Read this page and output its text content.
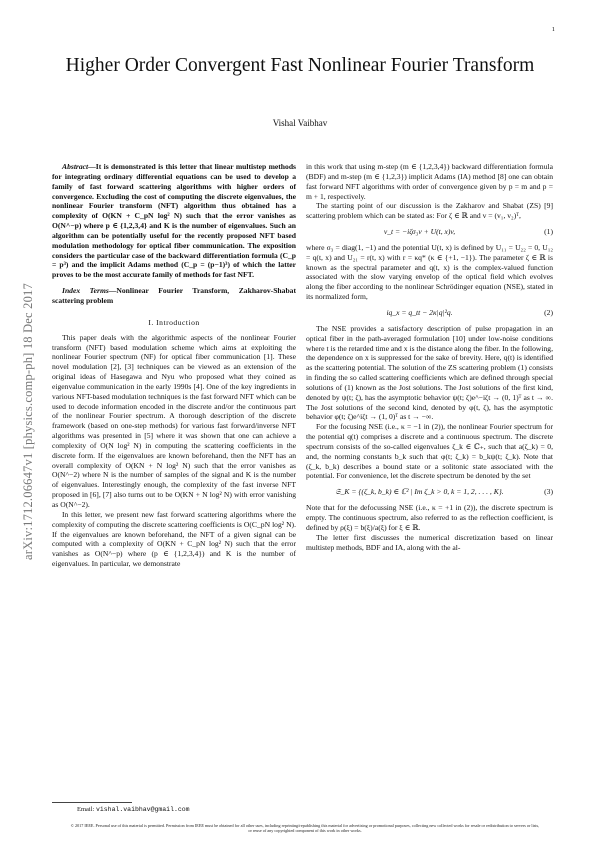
1
arXiv:1712.06647v1 [physics.comp-ph] 18 Dec 2017
Higher Order Convergent Fast Nonlinear Fourier Transform
Vishal Vaibhav

Abstract—It is demonstrated is this letter that linear multistep methods for integrating ordinary differential equations can be used to develop a family of fast forward scattering algorithms with higher orders of convergence. Excluding the cost of computing the discrete eigenvalues, the nonlinear Fourier transform (NFT) algorithm thus obtained has a complexity of O(KN + C_pN log² N) such that the error vanishes as O(N^−p) where p ∈ {1,2,3,4} and K is the number of eigenvalues. Such an algorithm can be potentially useful for the recently proposed NFT based modulation methodology for optical fiber communication. The exposition considers the particular case of the backward differentiation formula (C_p = p³) and the implicit Adams method (C_p = (p−1)³) of which the latter proves to be the most accurate family of methods for fast NFT.

Index Terms—Nonlinear Fourier Transform, Zakharov-Shabat scattering problem

I. Introduction

This paper deals with the algorithmic aspects of the nonlinear Fourier transform (NFT) based modulation scheme which aims at exploiting the nonlinear Fourier spectrum (NF) for optical fiber communication [1]. These novel modulation [2], [3] techniques can be viewed as an extension of the original ideas of Hasegawa and Nyu who proposed what they coined as eigenvalue communication in the early 1990s [4]. One of the key ingredients in various NFT-based modulation techniques is the fast forward NFT which can be used to decode information encoded in the discrete and/or the continuous part of the nonlinear Fourier spectrum. A thorough description of the discrete framework (based on one-step methods) for various fast forward/inverse NFT algorithms was presented in [5] where it was shown that one can achieve a complexity of O(N log² N) in computing the scattering coefficients in the discrete form. If the eigenvalues are known beforehand, then the NFT has an overall complexity of O(KN + N log² N) such that the error vanishes as O(N^−2) where N is the number of samples of the signal and K is the number of eigenvalues. Interestingly enough, the complexity of the fast inverse NFT proposed in [6], [7] also turns out to be O(KN + N log² N) with error vanishing as O(N^−2).

In this letter, we present new fast forward scattering algorithms where the complexity of computing the discrete scattering coefficients is O(C_pN log² N). If the eigenvalues are known beforehand, the NFT of a given signal can be computed with a complexity of O(KN + C_pN log² N) such that the error vanishes as O(N^−p) where (p ∈ {1,2,3,4}) and K is the number of eigenvalues. In particular, we demonstrate

Email: vishal.vaibhav@gmail.com

in this work that using m-step (m ∈ {1,2,3,4}) backward differentiation formula (BDF) and m-step (m ∈ {1,2,3}) implicit Adams (IA) method [8] one can obtain fast forward NFT algorithms with order of convergence given by p = m and p = m + 1, respectively.

The starting point of our discussion is the Zakharov and Shabat (ZS) [9] scattering problem which can be stated as: For ζ ∈ ℝ and v = (v₁, v₂)ᵀ,

v_t = −iζσ₃v + U(t, x)v,	(1)

where σ₃ = diag(1, −1) and the potential U(t, x) is defined by U₁₁ = U₂₂ = 0, U₁₂ = q(t, x) and U₂₁ = r(t, x) with r = κq* (κ ∈ {+1, −1}). The parameter ζ ∈ ℝ is known as the spectral parameter and q(t, x) is the complex-valued function associated with the slow varying envelop of the optical field which evolves along the fiber according to the nonlinear Schrödinger equation (NSE), stated in its normalized form,

iq_x = q_tt − 2κ|q|²q.	(2)

The NSE provides a satisfactory description of pulse propagation in an optical fiber in the path-averaged formulation [10] under low-noise conditions where t is the retarded time and x is the distance along the fiber. In the following, the dependence on x is suppressed for the sake of brevity. Here, q(t) is identified as the scattering potential. The solution of the ZS scattering problem (1) consists in finding the so called scattering coefficients which are defined through special solutions of (1) known as the Jost solutions. The Jost solutions of the first kind, denoted by ψ(t; ζ), has the asymptotic behavior ψ(t; ζ)e^−iζt → (0, 1)ᵀ as t → ∞. The Jost solutions of the second kind, denoted by φ(t, ζ), has the asymptotic behavior φ(t; ζ)e^iζt → (1, 0)ᵀ as t → −∞.

For the focusing NSE (i.e., κ = −1 in (2)), the nonlinear Fourier spectrum for the potential q(t) comprises a discrete and a continuous spectrum. The discrete spectrum consists of the so-called eigenvalues ζ_k ∈ ℂ₊, such that a(ζ_k) = 0, and, the norming constants b_k such that φ(t; ζ_k) = b_kψ(t; ζ_k). Note that (ζ_k, b_k) describes a bound state or a solitonic state associated with the potential. For convenience, let the discrete spectrum be denoted by the set

𝔖_K = {(ζ_k, b_k) ∈ ℂ² | Im ζ_k > 0, k = 1, 2, . . . , K}.	(3)

Note that for the defocussing NSE (i.e., κ = +1 in (2)), the discrete spectrum is empty. The continuous spectrum, also referred to as the reflection coefficient, is defined by ρ(ξ) = b(ξ)/a(ξ) for ξ ∈ ℝ.

The letter first discusses the numerical discretization based on linear multistep methods, BDF and IA, along with the al-

© 2017 IEEE. Personal use of this material is permitted. Permission from IEEE must be obtained for all other uses, including reprinting/republishing this material for advertising or promotional purposes, collecting new collected works for resale or redistribution to servers or lists, or reuse of any copyrighted component of this work in other works.
